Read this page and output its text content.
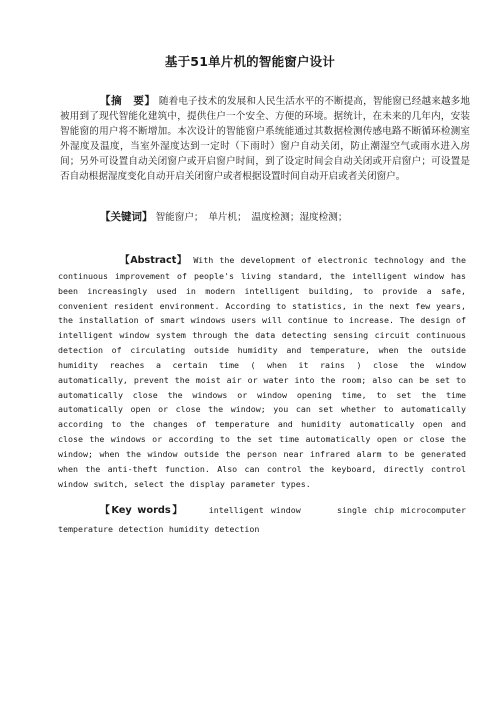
基于51单片机的智能窗户设计
【摘　要】 随着电子技术的发展和人民生活水平的不断提高，智能窗已经越来越多地被用到了现代智能化建筑中，提供住户一个安全、方便的环境。据统计，在未来的几年内，安装智能窗的用户将不断增加。本次设计的智能窗户系统能通过其数据检测传感电路不断循环检测室外湿度及温度，当室外湿度达到一定时（下雨时）窗户自动关闭，防止潮湿空气或雨水进入房间；另外可设置自动关闭窗户或开启窗户时间，到了设定时间会自动关闭或开启窗户；可设置是否自动根据湿度变化自动开启关闭窗户或者根据设置时间自动开启或者关闭窗户。
【关键词】 智能窗户；　单片机；　温度检测；湿度检测；
【Abstract】 With the development of electronic technology and the continuous improvement of people's living standard, the intelligent window has been increasingly used in modern intelligent building, to provide a safe, convenient resident environment. According to statistics, in the next few years, the installation of smart windows users will continue to increase. The design of intelligent window system through the data detecting sensing circuit continuous detection of circulating outside humidity and temperature, when the outside humidity reaches a certain time ( when it rains ) close the window automatically, prevent the moist air or water into the room; also can be set to automatically close the windows or window opening time, to set the time automatically open or close the window; you can set whether to automatically according to the changes of temperature and humidity automatically open and close the windows or according to the set time automatically open or close the window; when the window outside the person near infrared alarm to be generated when the anti-theft function. Also can control the keyboard, directly control window switch, select the display parameter types.
【Key words】	intelligent window	single chip microcomputer temperature detection humidity detection
